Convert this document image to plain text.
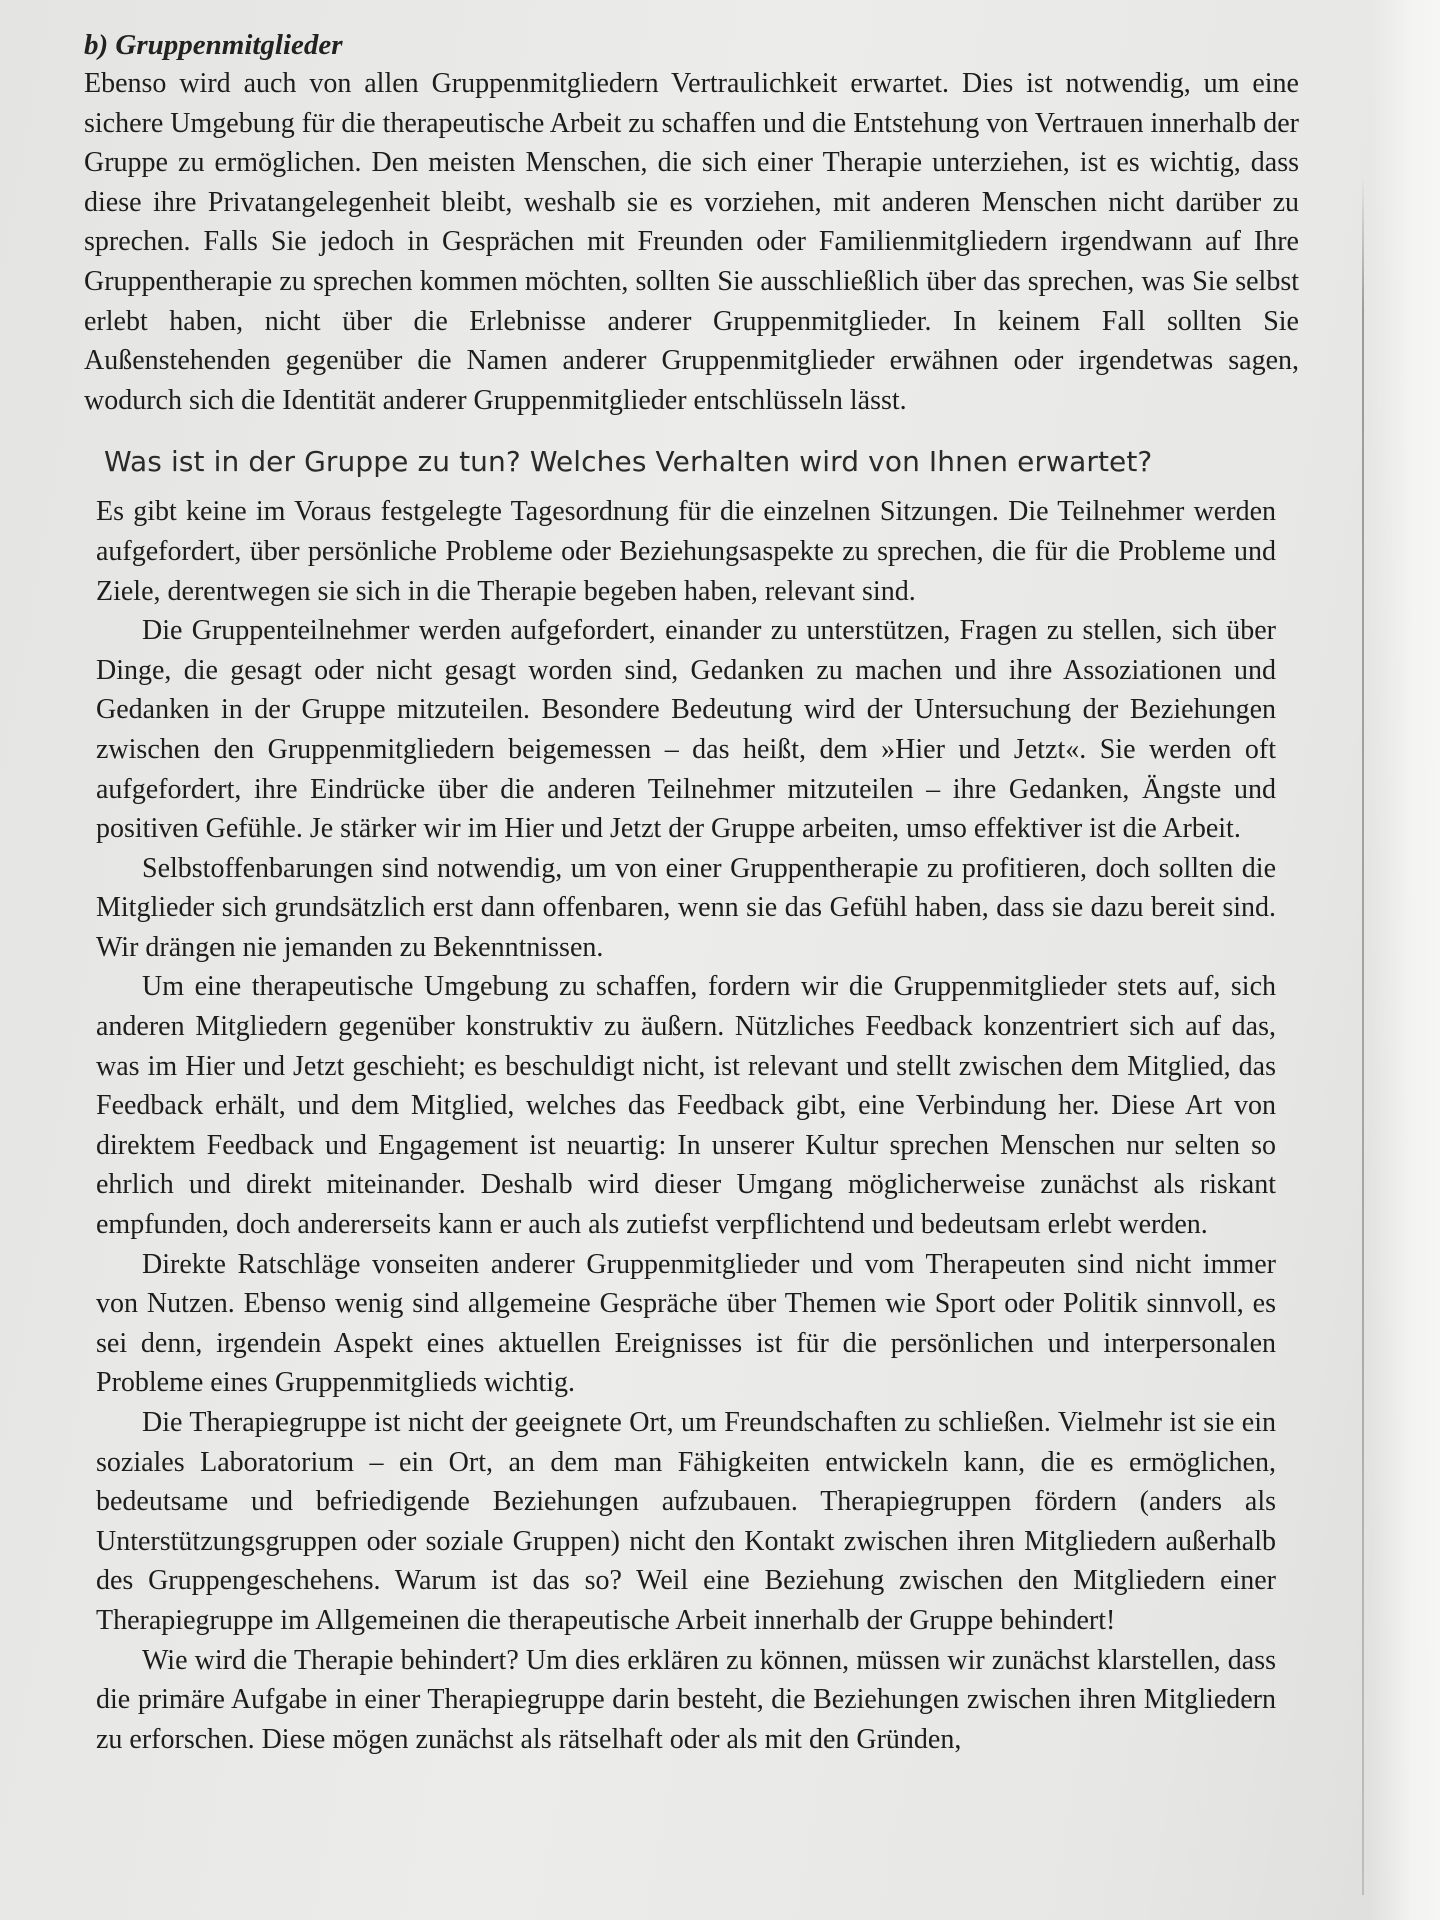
b) Gruppenmitglieder

Ebenso wird auch von allen Gruppenmitgliedern Vertraulichkeit erwartet. Dies ist notwendig, um eine sichere Umgebung für die therapeutische Arbeit zu schaffen und die Entstehung von Vertrauen innerhalb der Gruppe zu ermöglichen. Den meisten Menschen, die sich einer Therapie unterziehen, ist es wichtig, dass diese ihre Privatangelegenheit bleibt, weshalb sie es vorziehen, mit anderen Menschen nicht darüber zu sprechen. Falls Sie jedoch in Gesprächen mit Freunden oder Familienmitgliedern irgendwann auf Ihre Gruppentherapie zu sprechen kommen möchten, sollten Sie ausschließlich über das sprechen, was Sie selbst erlebt haben, nicht über die Erlebnisse anderer Gruppenmitglieder. In keinem Fall sollten Sie Außenstehenden gegenüber die Namen anderer Gruppenmitglieder erwähnen oder irgendetwas sagen, wodurch sich die Identität anderer Gruppenmitglieder entschlüsseln lässt.

Was ist in der Gruppe zu tun? Welches Verhalten wird von Ihnen erwartet?

Es gibt keine im Voraus festgelegte Tagesordnung für die einzelnen Sitzungen. Die Teilnehmer werden aufgefordert, über persönliche Probleme oder Beziehungsaspekte zu sprechen, die für die Probleme und Ziele, derentwegen sie sich in die Therapie begeben haben, relevant sind.

Die Gruppenteilnehmer werden aufgefordert, einander zu unterstützen, Fragen zu stellen, sich über Dinge, die gesagt oder nicht gesagt worden sind, Gedanken zu machen und ihre Assoziationen und Gedanken in der Gruppe mitzuteilen. Besondere Bedeutung wird der Untersuchung der Beziehungen zwischen den Gruppenmitgliedern beigemessen – das heißt, dem »Hier und Jetzt«. Sie werden oft aufgefordert, ihre Eindrücke über die anderen Teilnehmer mitzuteilen – ihre Gedanken, Ängste und positiven Gefühle. Je stärker wir im Hier und Jetzt der Gruppe arbeiten, umso effektiver ist die Arbeit.

Selbstoffenbarungen sind notwendig, um von einer Gruppentherapie zu profitieren, doch sollten die Mitglieder sich grundsätzlich erst dann offenbaren, wenn sie das Gefühl haben, dass sie dazu bereit sind. Wir drängen nie jemanden zu Bekenntnissen.

Um eine therapeutische Umgebung zu schaffen, fordern wir die Gruppenmitglieder stets auf, sich anderen Mitgliedern gegenüber konstruktiv zu äußern. Nützliches Feedback konzentriert sich auf das, was im Hier und Jetzt geschieht; es beschuldigt nicht, ist relevant und stellt zwischen dem Mitglied, das Feedback erhält, und dem Mitglied, welches das Feedback gibt, eine Verbindung her. Diese Art von direktem Feedback und Engagement ist neuartig: In unserer Kultur sprechen Menschen nur selten so ehrlich und direkt miteinander. Deshalb wird dieser Umgang möglicherweise zunächst als riskant empfunden, doch andererseits kann er auch als zutiefst verpflichtend und bedeutsam erlebt werden.

Direkte Ratschläge vonseiten anderer Gruppenmitglieder und vom Therapeuten sind nicht immer von Nutzen. Ebenso wenig sind allgemeine Gespräche über Themen wie Sport oder Politik sinnvoll, es sei denn, irgendein Aspekt eines aktuellen Ereignisses ist für die persönlichen und interpersonalen Probleme eines Gruppenmitglieds wichtig.

Die Therapiegruppe ist nicht der geeignete Ort, um Freundschaften zu schließen. Vielmehr ist sie ein soziales Laboratorium – ein Ort, an dem man Fähigkeiten entwickeln kann, die es ermöglichen, bedeutsame und befriedigende Beziehungen aufzubauen. Therapiegruppen fördern (anders als Unterstützungsgruppen oder soziale Gruppen) nicht den Kontakt zwischen ihren Mitgliedern außerhalb des Gruppengeschehens. Warum ist das so? Weil eine Beziehung zwischen den Mitgliedern einer Therapiegruppe im Allgemeinen die therapeutische Arbeit innerhalb der Gruppe behindert!

Wie wird die Therapie behindert? Um dies erklären zu können, müssen wir zunächst klarstellen, dass die primäre Aufgabe in einer Therapiegruppe darin besteht, die Beziehungen zwischen ihren Mitgliedern zu erforschen. Diese mögen zunächst als rätselhaft oder als mit den Gründen,
